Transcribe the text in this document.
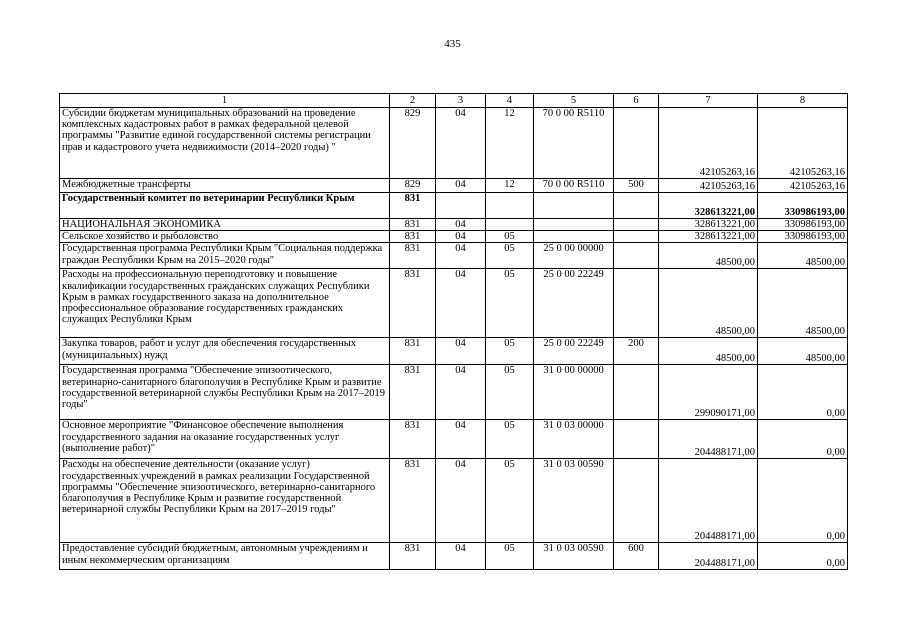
435
1	2	3	4	5	6	7	8
Субсидии бюджетам муниципальных образований на проведение комплексных кадастровых работ в рамках федеральной целевой программы "Развитие единой государственной системы регистрации прав и кадастрового учета недвижимости (2014–2020 годы) "	829	04	12	70 0 00 R5110		42105263,16	42105263,16
Межбюджетные трансферты	829	04	12	70 0 00 R5110	500	42105263,16	42105263,16
Государственный комитет по ветеринарии Республики Крым	831					328613221,00	330986193,00
НАЦИОНАЛЬНАЯ ЭКОНОМИКА	831	04				328613221,00	330986193,00
Сельское хозяйство и рыболовство	831	04	05			328613221,00	330986193,00
Государственная программа Республики Крым "Социальная поддержка граждан Республики Крым на 2015–2020 годы"	831	04	05	25 0 00 00000		48500,00	48500,00
Расходы на профессиональную переподготовку и повышение квалификации государственных гражданских служащих Республики Крым в рамках государственного заказа на дополнительное профессиональное образование государственных гражданских служащих Республики Крым	831	04	05	25 0 00 22249		48500,00	48500,00
Закупка товаров, работ и услуг для обеспечения государственных (муниципальных) нужд	831	04	05	25 0 00 22249	200	48500,00	48500,00
Государственная программа "Обеспечение эпизоотического, ветеринарно-санитарного благополучия в Республике Крым и развитие государственной ветеринарной службы Республики Крым на 2017–2019 годы"	831	04	05	31 0 00 00000		299090171,00	0,00
Основное мероприятие "Финансовое обеспечение выполнения государственного задания на оказание государственных услуг (выполнение работ)"	831	04	05	31 0 03 00000		204488171,00	0,00
Расходы на обеспечение деятельности (оказание услуг) государственных учреждений в рамках реализации Государственной программы "Обеспечение эпизоотического, ветеринарно-санитарного благополучия в Республике Крым и развитие государственной ветеринарной службы Республики Крым на 2017–2019 годы"	831	04	05	31 0 03 00590		204488171,00	0,00
Предоставление субсидий бюджетным, автономным учреждениям и иным некоммерческим организациям	831	04	05	31 0 03 00590	600	204488171,00	0,00
